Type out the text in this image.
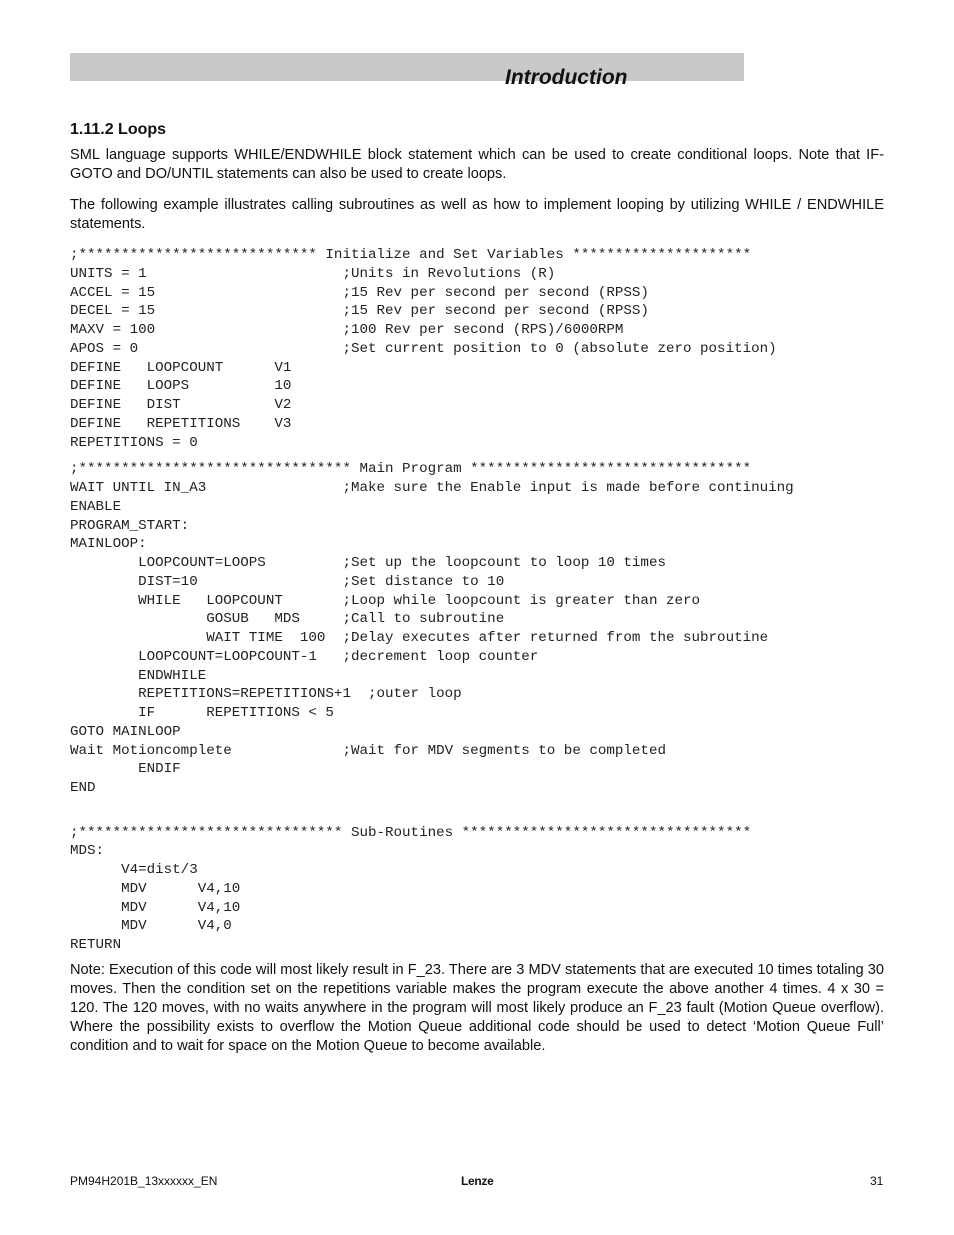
Introduction
1.11.2 Loops

SML language supports WHILE/ENDWHILE block statement which can be used to create conditional loops. Note that IF-GOTO and DO/UNTIL statements can also be used to create loops.

The following example illustrates calling subroutines as well as how to implement looping by utilizing WHILE / ENDWHILE statements.

;**************************** Initialize and Set Variables *********************
UNITS = 1                       ;Units in Revolutions (R)
ACCEL = 15                      ;15 Rev per second per second (RPSS)
DECEL = 15                      ;15 Rev per second per second (RPSS)
MAXV = 100                      ;100 Rev per second (RPS)/6000RPM
APOS = 0                        ;Set current position to 0 (absolute zero position)
DEFINE   LOOPCOUNT      V1
DEFINE   LOOPS          10
DEFINE   DIST           V2
DEFINE   REPETITIONS    V3
REPETITIONS = 0
;******************************** Main Program *********************************
WAIT UNTIL IN_A3                ;Make sure the Enable input is made before continuing
ENABLE
PROGRAM_START:
MAINLOOP:
LOOPCOUNT=LOOPS         ;Set up the loopcount to loop 10 times
DIST=10                 ;Set distance to 10
WHILE   LOOPCOUNT       ;Loop while loopcount is greater than zero
GOSUB   MDS     ;Call to subroutine
WAIT TIME  100  ;Delay executes after returned from the subroutine
LOOPCOUNT=LOOPCOUNT-1   ;decrement loop counter
ENDWHILE
REPETITIONS=REPETITIONS+1  ;outer loop
IF      REPETITIONS < 5
GOTO MAINLOOP
Wait Motioncomplete             ;Wait for MDV segments to be completed
ENDIF
END
;******************************* Sub-Routines **********************************
MDS:
V4=dist/3
MDV      V4,10
MDV      V4,10
MDV      V4,0
RETURN

Note: Execution of this code will most likely result in F_23. There are 3 MDV statements that are executed 10 times totaling 30 moves. Then the condition set on the repetitions variable makes the program execute the above another 4 times. 4 x 30 = 120. The 120 moves, with no waits anywhere in the program will most likely produce an F_23 fault (Motion Queue overflow). Where the possibility exists to overflow the Motion Queue additional code should be used to detect ‘Motion Queue Full’ condition and to wait for space on the Motion Queue to become available.

PM94H201B_13xxxxxx_EN	Lenze	31
